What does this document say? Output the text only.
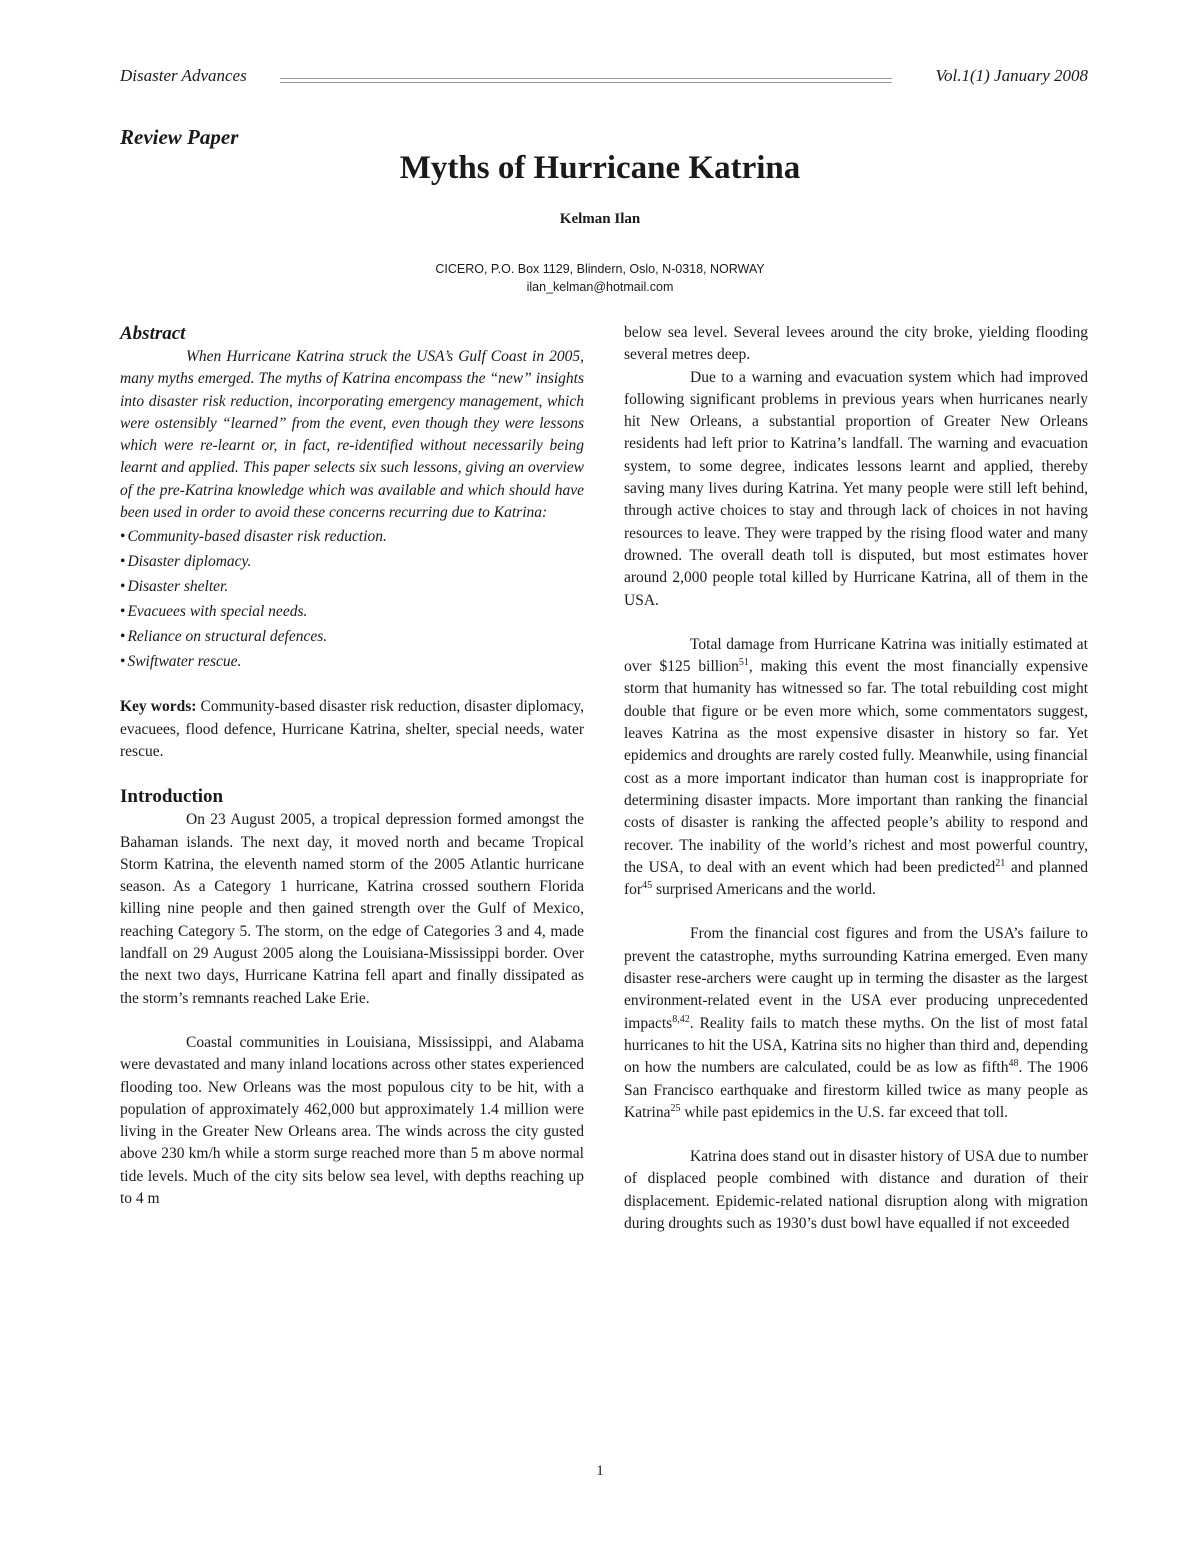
Disaster Advances	Vol.1(1) January 2008
Review Paper
Myths of Hurricane Katrina
Kelman Ilan
CICERO, P.O. Box 1129, Blindern, Oslo, N-0318, NORWAY
ilan_kelman@hotmail.com

Abstract

When Hurricane Katrina struck the USA’s Gulf Coast in 2005, many myths emerged. The myths of Katrina encompass the “new” insights into disaster risk reduction, incorporating emergency management, which were ostensibly “learned” from the event, even though they were lessons which were re-learnt or, in fact, re-identified without necessarily being learnt and applied. This paper selects six such lessons, giving an overview of the pre-Katrina knowledge which was available and which should have been used in order to avoid these concerns recurring due to Katrina:

• Community-based disaster risk reduction.
• Disaster diplomacy.
• Disaster shelter.
• Evacuees with special needs.
• Reliance on structural defences.
• Swiftwater rescue.

Key words: Community-based disaster risk reduction, disaster diplomacy, evacuees, flood defence, Hurricane Katrina, shelter, special needs, water rescue.

Introduction

On 23 August 2005, a tropical depression formed amongst the Bahaman islands. The next day, it moved north and became Tropical Storm Katrina, the eleventh named storm of the 2005 Atlantic hurricane season. As a Category 1 hurricane, Katrina crossed southern Florida killing nine people and then gained strength over the Gulf of Mexico, reaching Category 5. The storm, on the edge of Categories 3 and 4, made landfall on 29 August 2005 along the Louisiana-Mississippi border. Over the next two days, Hurricane Katrina fell apart and finally dissipated as the storm’s remnants reached Lake Erie.

Coastal communities in Louisiana, Mississippi, and Alabama were devastated and many inland locations across other states experienced flooding too. New Orleans was the most populous city to be hit, with a population of approximately 462,000 but approximately 1.4 million were living in the Greater New Orleans area. The winds across the city gusted above 230 km/h while a storm surge reached more than 5 m above normal tide levels. Much of the city sits below sea level, with depths reaching up to 4 m

below sea level. Several levees around the city broke, yielding flooding several metres deep.

Due to a warning and evacuation system which had improved following significant problems in previous years when hurricanes nearly hit New Orleans, a substantial proportion of Greater New Orleans residents had left prior to Katrina’s landfall. The warning and evacuation system, to some degree, indicates lessons learnt and applied, thereby saving many lives during Katrina. Yet many people were still left behind, through active choices to stay and through lack of choices in not having resources to leave. They were trapped by the rising flood water and many drowned. The overall death toll is disputed, but most estimates hover around 2,000 people total killed by Hurricane Katrina, all of them in the USA.

Total damage from Hurricane Katrina was initially estimated at over $125 billion$^{51}$, making this event the most financially expensive storm that humanity has witnessed so far. The total rebuilding cost might double that figure or be even more which, some commentators suggest, leaves Katrina as the most expensive disaster in history so far. Yet epidemics and droughts are rarely costed fully. Meanwhile, using financial cost as a more important indicator than human cost is inappropriate for determining disaster impacts. More important than ranking the financial costs of disaster is ranking the affected people’s ability to respond and recover. The inability of the world’s richest and most powerful country, the USA, to deal with an event which had been predicted$^{21}$ and planned for$^{45}$ surprised Americans and the world.

From the financial cost figures and from the USA’s failure to prevent the catastrophe, myths surrounding Katrina emerged. Even many disaster rese-archers were caught up in terming the disaster as the largest environment-related event in the USA ever producing unprecedented impacts$^{8,42}$. Reality fails to match these myths. On the list of most fatal hurricanes to hit the USA, Katrina sits no higher than third and, depending on how the numbers are calculated, could be as low as fifth$^{48}$. The 1906 San Francisco earthquake and firestorm killed twice as many people as Katrina$^{25}$ while past epidemics in the U.S. far exceed that toll.

Katrina does stand out in disaster history of USA due to number of displaced people combined with distance and duration of their displacement. Epidemic-related national disruption along with migration during droughts such as 1930’s dust bowl have equalled if not exceeded

1
